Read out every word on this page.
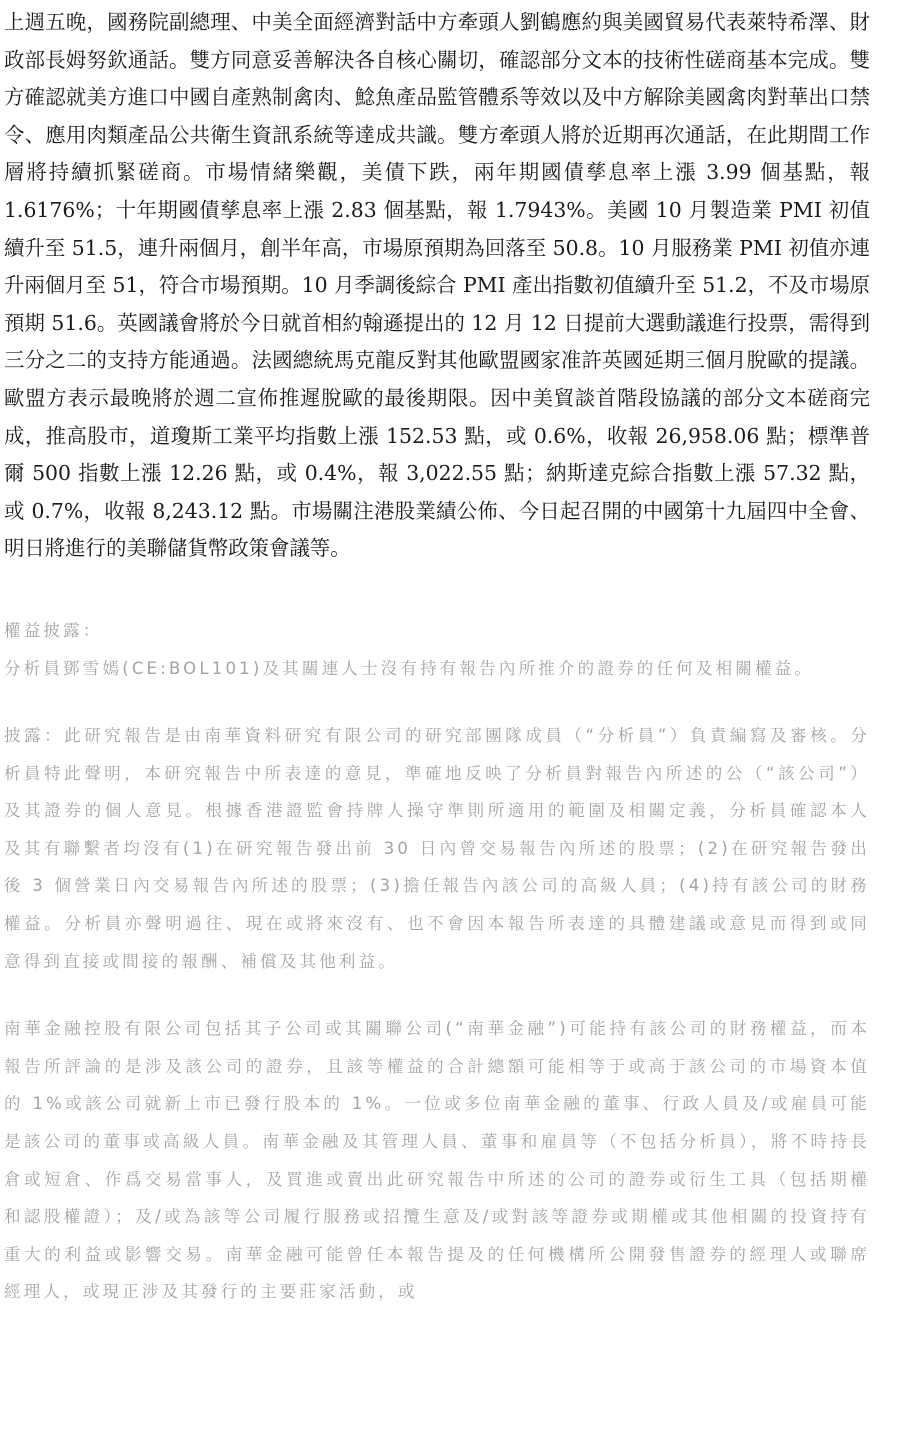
上週五晚，國務院副總理、中美全面經濟對話中方牽頭人劉鶴應約與美國貿易代表萊特希澤、財政部長姆努欽通話。雙方同意妥善解決各自核心關切，確認部分文本的技術性磋商基本完成。雙方確認就美方進口中國自產熟制禽肉、鯰魚產品監管體系等效以及中方解除美國禽肉對華出口禁令、應用肉類產品公共衛生資訊系統等達成共識。雙方牽頭人將於近期再次通話，在此期間工作層將持續抓緊磋商。市場情緒樂觀，美債下跌，兩年期國債孳息率上漲 3.99 個基點，報 1.6176%；十年期國債孳息率上漲 2.83 個基點，報 1.7943%。美國 10 月製造業 PMI 初值續升至 51.5，連升兩個月，創半年高，市場原預期為回落至 50.8。10 月服務業 PMI 初值亦連升兩個月至 51，符合市場預期。10 月季調後綜合 PMI 產出指數初值續升至 51.2，不及市場原預期 51.6。英國議會將於今日就首相約翰遜提出的 12 月 12 日提前大選動議進行投票，需得到三分之二的支持方能通過。法國總統馬克龍反對其他歐盟國家准許英國延期三個月脫歐的提議。歐盟方表示最晚將於週二宣佈推遲脫歐的最後期限。因中美貿談首階段協議的部分文本磋商完成，推高股市，道瓊斯工業平均指數上漲 152.53 點，或 0.6%，收報 26,958.06 點；標準普爾 500 指數上漲 12.26 點，或 0.4%，報 3,022.55 點；納斯達克綜合指數上漲 57.32 點，或 0.7%，收報 8,243.12 點。市場關注港股業績公佈、今日起召開的中國第十九屆四中全會、明日將進行的美聯儲貨幣政策會議等。

權益披露：

分析員鄧雪嫣(CE:BOL101)及其關連人士沒有持有報告內所推介的證券的任何及相關權益。

披露：此研究報告是由南華資料研究有限公司的研究部團隊成員（“分析員”）負責編寫及審核。分析員特此聲明，本研究報告中所表達的意見，準確地反映了分析員對報告內所述的公（“該公司”）及其證券的個人意見。根據香港證監會持牌人操守準則所適用的範圍及相關定義，分析員確認本人及其有聯繫者均沒有(1)在研究報告發出前 30 日內曾交易報告內所述的股票；(2)在研究報告發出後 3 個營業日內交易報告內所述的股票；(3)擔任報告內該公司的高級人員；(4)持有該公司的財務權益。分析員亦聲明過往、現在或將來沒有、也不會因本報告所表達的具體建議或意見而得到或同意得到直接或間接的報酬、補償及其他利益。

南華金融控股有限公司包括其子公司或其關聯公司(“南華金融”)可能持有該公司的財務權益，而本報告所評論的是涉及該公司的證券，且該等權益的合計總額可能相等于或高于該公司的市場資本值的 1%或該公司就新上市已發行股本的 1%。一位或多位南華金融的董事、行政人員及/或雇員可能是該公司的董事或高級人員。南華金融及其管理人員、董事和雇員等（不包括分析員），將不時持長倉或短倉、作爲交易當事人，及買進或賣出此研究報告中所述的公司的證券或衍生工具（包括期權和認股權證）；及/或為該等公司履行服務或招攬生意及/或對該等證券或期權或其他相關的投資持有重大的利益或影響交易。南華金融可能曾任本報告提及的任何機構所公開發售證券的經理人或聯席經理人，或現正涉及其發行的主要莊家活動，或
